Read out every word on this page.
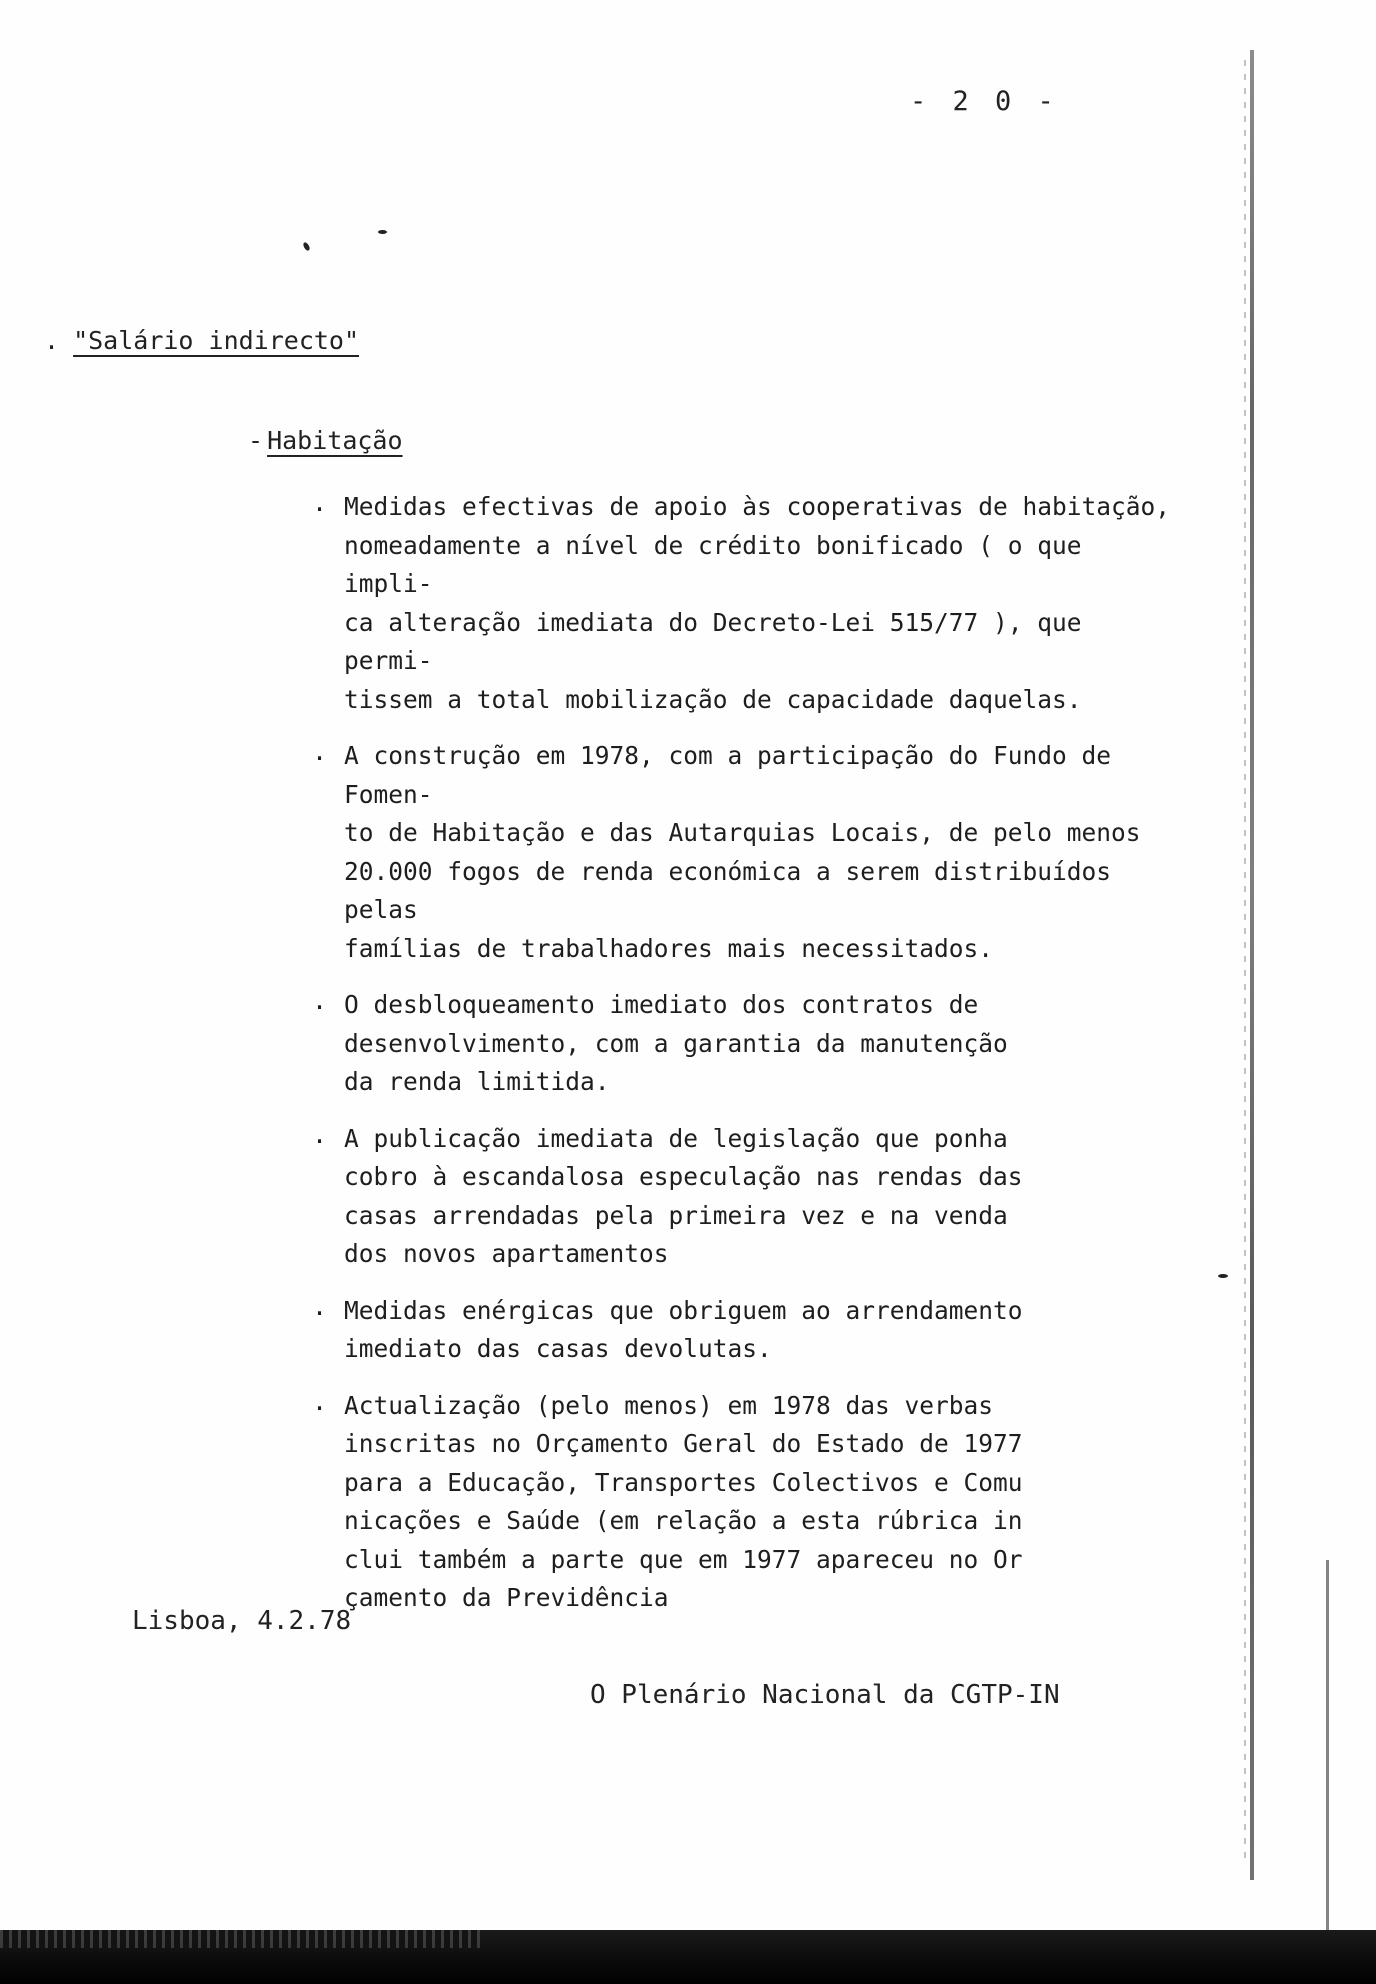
- 2 0 -
. "Salário indirecto"
- Habitação
. Medidas efectivas de apoio às cooperativas de habitação,
nomeadamente a nível de crédito bonificado ( o que impli-
ca alteração imediata do Decreto-Lei 515/77 ), que permi-
tissem a total mobilização de capacidade daquelas.
. A construção em 1978, com a participação do Fundo de Fomen-
to de Habitação e das Autarquias Locais, de pelo menos
20.000 fogos de renda económica a serem distribuídos pelas
famílias de trabalhadores mais necessitados.
. O desbloqueamento imediato dos contratos de
desenvolvimento, com a garantia da manutenção
da renda limitida.
. A publicação imediata de legislação que ponha
cobro à escandalosa especulação nas rendas das
casas arrendadas pela primeira vez e na venda
dos novos apartamentos
. Medidas enérgicas que obriguem ao arrendamento
imediato das casas devolutas.
. Actualização (pelo menos) em 1978 das verbas
inscritas no Orçamento Geral do Estado de 1977
para a Educação, Transportes Colectivos e Comu
nicações e Saúde (em relação a esta rúbrica in
clui também a parte que em 1977 apareceu no Or
çamento da Previdência
Lisboa, 4.2.78
O Plenário Nacional da CGTP-IN
